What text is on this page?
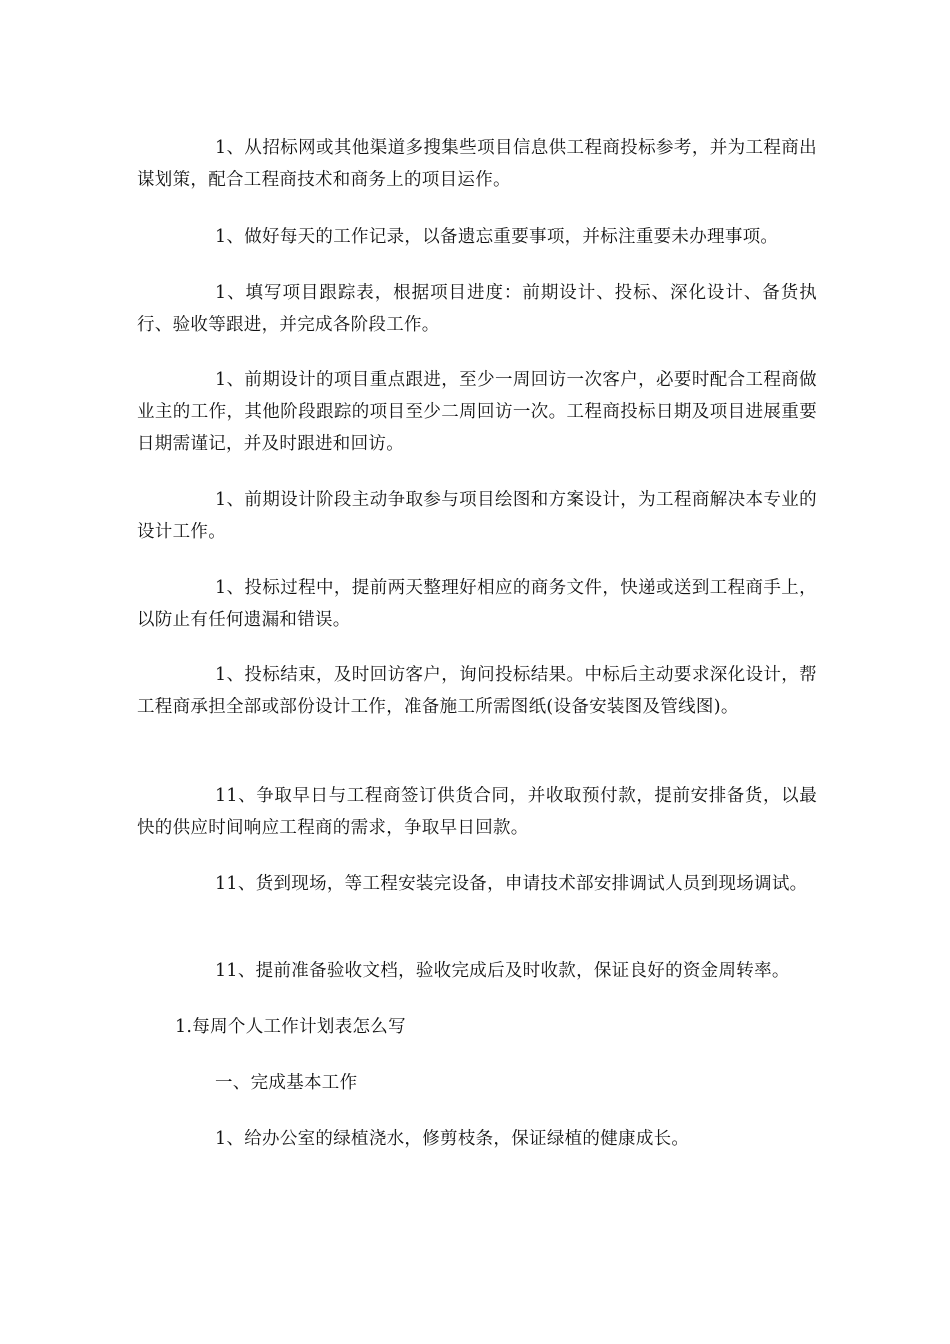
1、从招标网或其他渠道多搜集些项目信息供工程商投标参考，并为工程商出谋划策，配合工程商技术和商务上的项目运作。

1、做好每天的工作记录，以备遗忘重要事项，并标注重要未办理事项。

1、填写项目跟踪表，根据项目进度：前期设计、投标、深化设计、备货执行、验收等跟进，并完成各阶段工作。

1、前期设计的项目重点跟进，至少一周回访一次客户，必要时配合工程商做业主的工作，其他阶段跟踪的项目至少二周回访一次。工程商投标日期及项目进展重要日期需谨记，并及时跟进和回访。

1、前期设计阶段主动争取参与项目绘图和方案设计，为工程商解决本专业的设计工作。

1、投标过程中，提前两天整理好相应的商务文件，快递或送到工程商手上，以防止有任何遗漏和错误。

1、投标结束，及时回访客户，询问投标结果。中标后主动要求深化设计，帮工程商承担全部或部份设计工作，准备施工所需图纸(设备安装图及管线图)。

11、争取早日与工程商签订供货合同，并收取预付款，提前安排备货，以最快的供应时间响应工程商的需求，争取早日回款。

11、货到现场，等工程安装完设备，申请技术部安排调试人员到现场调试。

11、提前准备验收文档，验收完成后及时收款，保证良好的资金周转率。

1.每周个人工作计划表怎么写

一、完成基本工作

1、给办公室的绿植浇水，修剪枝条，保证绿植的健康成长。
